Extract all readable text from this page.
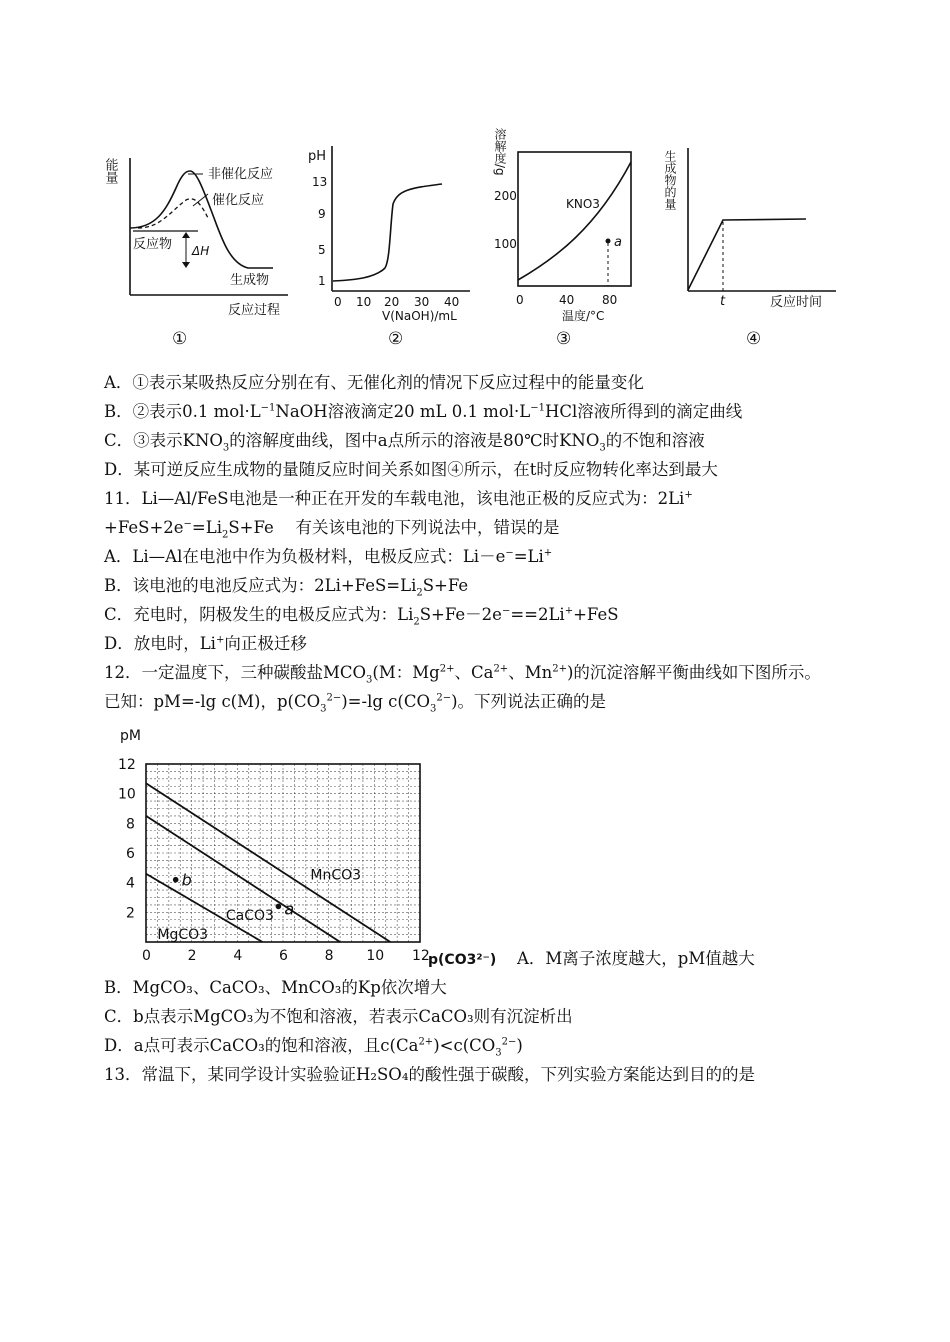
能量	非催化反应
催化反应
反应物 ΔH
生成物
反应过程
①
pH
13
9
5
1
0 10 20 30 40
V(NaOH)/mL
②
溶解度/g
200
100
KNO3
a
0	40 80
温度/°C
③
生成物的量
t	反应时间
④
A．①表示某吸热反应分别在有、无催化剂的情况下反应过程中的能量变化
B．②表示0.1 $mol\cdot L^{-1}NaOH$溶液滴定20 mL 0.1 $mol\cdot L^{-1}HCl$溶液所得到的滴定曲线
C．③表示$KNO_3$的溶解度曲线，图中a点所示的溶液是80℃时$KNO_3$的不饱和溶液
D．某可逆反应生成物的量随反应时间关系如图④所示，在t时反应物转化率达到最大
11．Li—Al/FeS电池是一种正在开发的车载电池，该电池正极的反应式为：2Li+
$+FeS+2e^-=Li_2S+Fe$　 有关该电池的下列说法中，错误的是
A．Li—Al在电池中作为负极材料，电极反应式：Li－e−=Li+
B．该电池的电池反应式为：$2Li+FeS=Li_2S+Fe$
C．充电时，阴极发生的电极反应式为：$Li_2S+Fe-2e^-==2Li^++FeS$
D．放电时，Li+向正极迁移
12．一定温度下，三种碳酸盐$MCO_3(M$：$Mg^{2+}$、$Ca^{2+}$、$Mn^{2+}$)的沉淀溶解平衡曲线如下图所示。
已知：pM=-lg c(M)，$p(CO_3^{2-})=-\lg$ $c(CO_3^{2-})$。下列说法正确的是
pM
p(CO3²⁻)
0	2	4	6	8 10 12
2
4
6
8
10
12
MnCO3
CaCO3
MgCO3
a
b
A．M离子浓度越大，pM值越大
B．MgCO₃、CaCO₃、MnCO₃的Kp依次增大
C．b点表示MgCO₃为不饱和溶液，若表示CaCO₃则有沉淀析出
D．a点可表示CaCO₃的饱和溶液，且$c(Ca^{2+})<c(CO_3^{2-})$
13．常温下，某同学设计实验验证H₂SO₄的酸性强于碳酸，下列实验方案能达到目的的是
